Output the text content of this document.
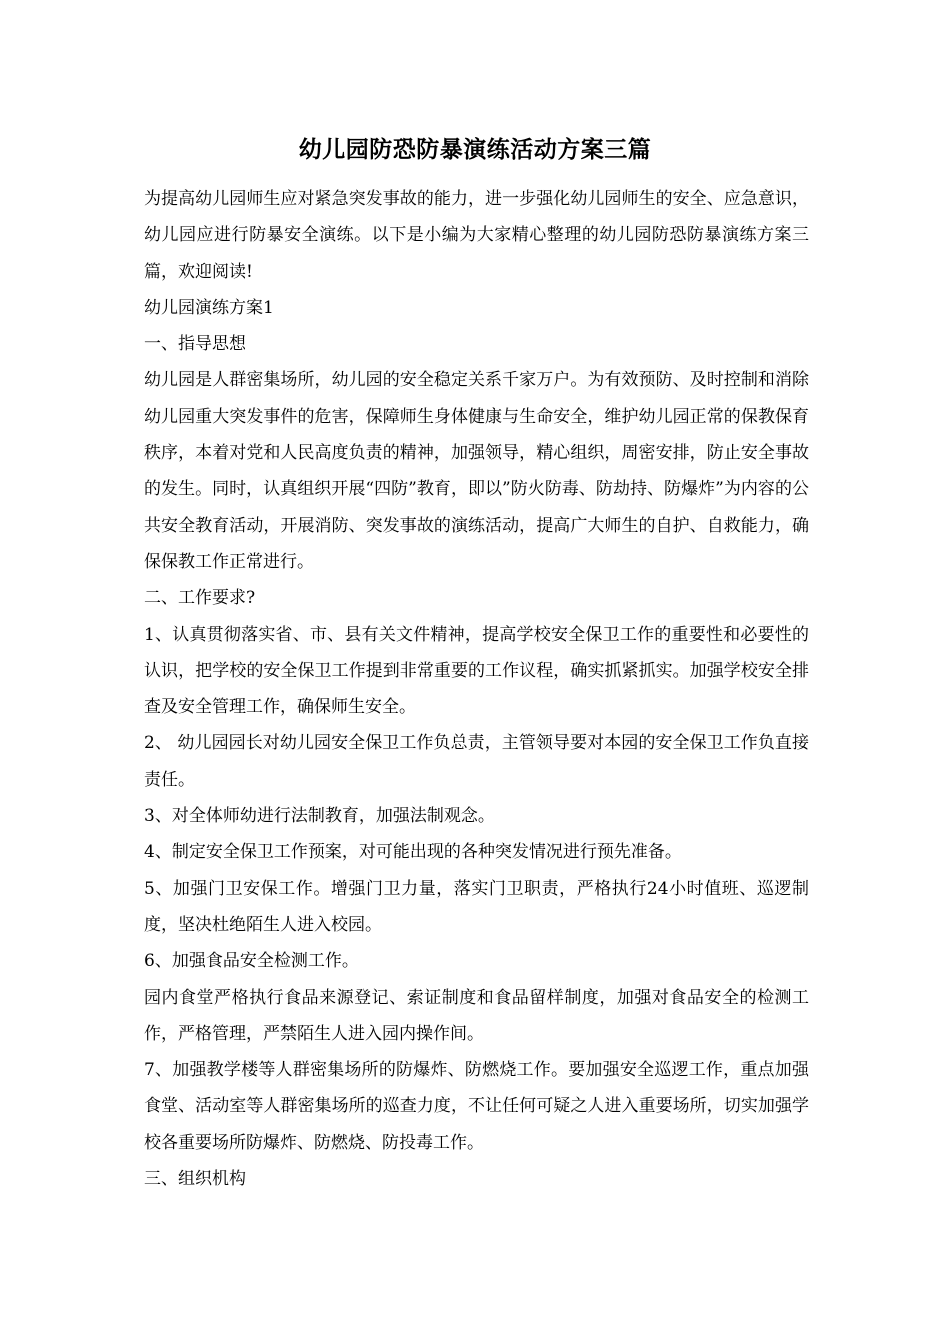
幼儿园防恐防暴演练活动方案三篇

为提高幼儿园师生应对紧急突发事故的能力，进一步强化幼儿园师生的安全、应急意识，幼儿园应进行防暴安全演练。以下是小编为大家精心整理的幼儿园防恐防暴演练方案三篇，欢迎阅读!

幼儿园演练方案1

一、指导思想

幼儿园是人群密集场所，幼儿园的安全稳定关系千家万户。为有效预防、及时控制和消除幼儿园重大突发事件的危害，保障师生身体健康与生命安全，维护幼儿园正常的保教保育秩序，本着对党和人民高度负责的精神，加强领导，精心组织，周密安排，防止安全事故的发生。同时，认真组织开展“四防”教育，即以”防火防毒、防劫持、防爆炸”为内容的公共安全教育活动，开展消防、突发事故的演练活动，提高广大师生的自护、自救能力，确保保教工作正常进行。

二、工作要求?

1、认真贯彻落实省、市、县有关文件精神，提高学校安全保卫工作的重要性和必要性的认识，把学校的安全保卫工作提到非常重要的工作议程，确实抓紧抓实。加强学校安全排查及安全管理工作，确保师生安全。

2、 幼儿园园长对幼儿园安全保卫工作负总责，主管领导要对本园的安全保卫工作负直接责任。

3、对全体师幼进行法制教育，加强法制观念。

4、制定安全保卫工作预案，对可能出现的各种突发情况进行预先准备。

5、加强门卫安保工作。增强门卫力量，落实门卫职责，严格执行24小时值班、巡逻制度，坚决杜绝陌生人进入校园。

6、加强食品安全检测工作。

园内食堂严格执行食品来源登记、索证制度和食品留样制度，加强对食品安全的检测工作，严格管理，严禁陌生人进入园内操作间。

7、加强教学楼等人群密集场所的防爆炸、防燃烧工作。要加强安全巡逻工作，重点加强食堂、活动室等人群密集场所的巡查力度，不让任何可疑之人进入重要场所，切实加强学校各重要场所防爆炸、防燃烧、防投毒工作。

三、组织机构
